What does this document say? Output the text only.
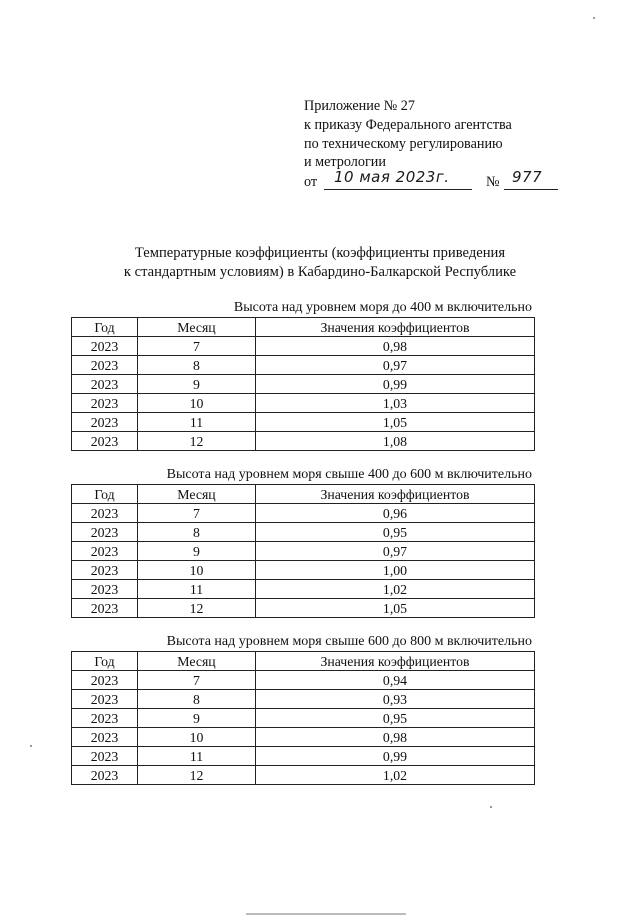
Приложение № 27
к приказу Федерального агентства
по техническому регулированию
и метрологии
от 10 мая 2023г.	№ 977
Температурные коэффициенты (коэффициенты приведения
к стандартным условиям) в Кабардино-Балкарской Республике
Высота над уровнем моря до 400 м включительно
Год	Месяц	Значения коэффициентов
2023	7	0,98
2023	8	0,97
2023	9	0,99
2023	10	1,03
2023	11	1,05
2023	12	1,08
Высота над уровнем моря свыше 400 до 600 м включительно
Год	Месяц	Значения коэффициентов
2023	7	0,96
2023	8	0,95
2023	9	0,97
2023	10	1,00
2023	11	1,02
2023	12	1,05
Высота над уровнем моря свыше 600 до 800 м включительно
Год	Месяц	Значения коэффициентов
2023	7	0,94
2023	8	0,93
2023	9	0,95
2023	10	0,98
2023	11	0,99
2023	12	1,02
